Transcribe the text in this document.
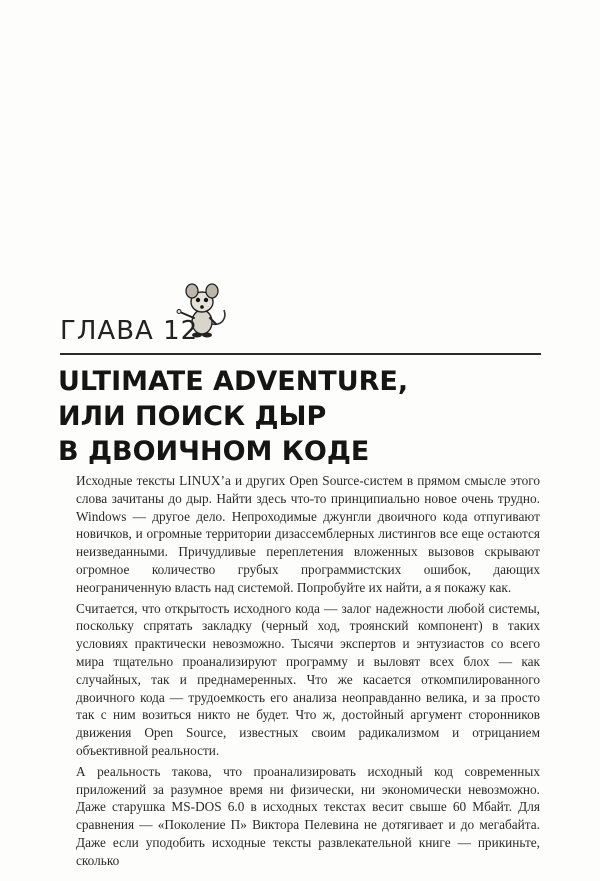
ГЛАВА 12
ULTIMATE ADVENTURE,
ИЛИ ПОИСК ДЫР
В ДВОИЧНОМ КОДЕ

Исходные тексты LINUX’a и других Open Source-систем в прямом смысле этого слова зачитаны до дыр. Найти здесь что-то принципиально новое очень трудно. Windows — другое дело. Непроходимые джунгли двоичного кода отпугивают новичков, и огромные территории дизассемблерных листингов все еще остаются неизведанными. Причудливые переплетения вложенных вызовов скрывают огромное количество грубых программистских ошибок, дающих неограниченную власть над системой. Попробуйте их найти, а я покажу как.

Считается, что открытость исходного кода — залог надежности любой системы, поскольку спрятать закладку (черный ход, троянский компонент) в таких условиях практически невозможно. Тысячи экспертов и энтузиастов со всего мира тщательно проанализируют программу и выловят всех блох — как случайных, так и преднамеренных. Что же касается откомпилированного двоичного кода — трудоемкость его анализа неоправданно велика, и за просто так с ним возиться никто не будет. Что ж, достойный аргумент сторонников движения Open Source, известных своим радикализмом и отрицанием объективной реальности.

А реальность такова, что проанализировать исходный код современных приложений за разумное время ни физически, ни экономически невозможно. Даже старушка MS-DOS 6.0 в исходных текстах весит свыше 60 Мбайт. Для сравнения — «Поколение П» Виктора Пелевина не дотягивает и до мегабайта. Даже если уподобить исходные тексты развлекательной книге — прикиньте, сколько
